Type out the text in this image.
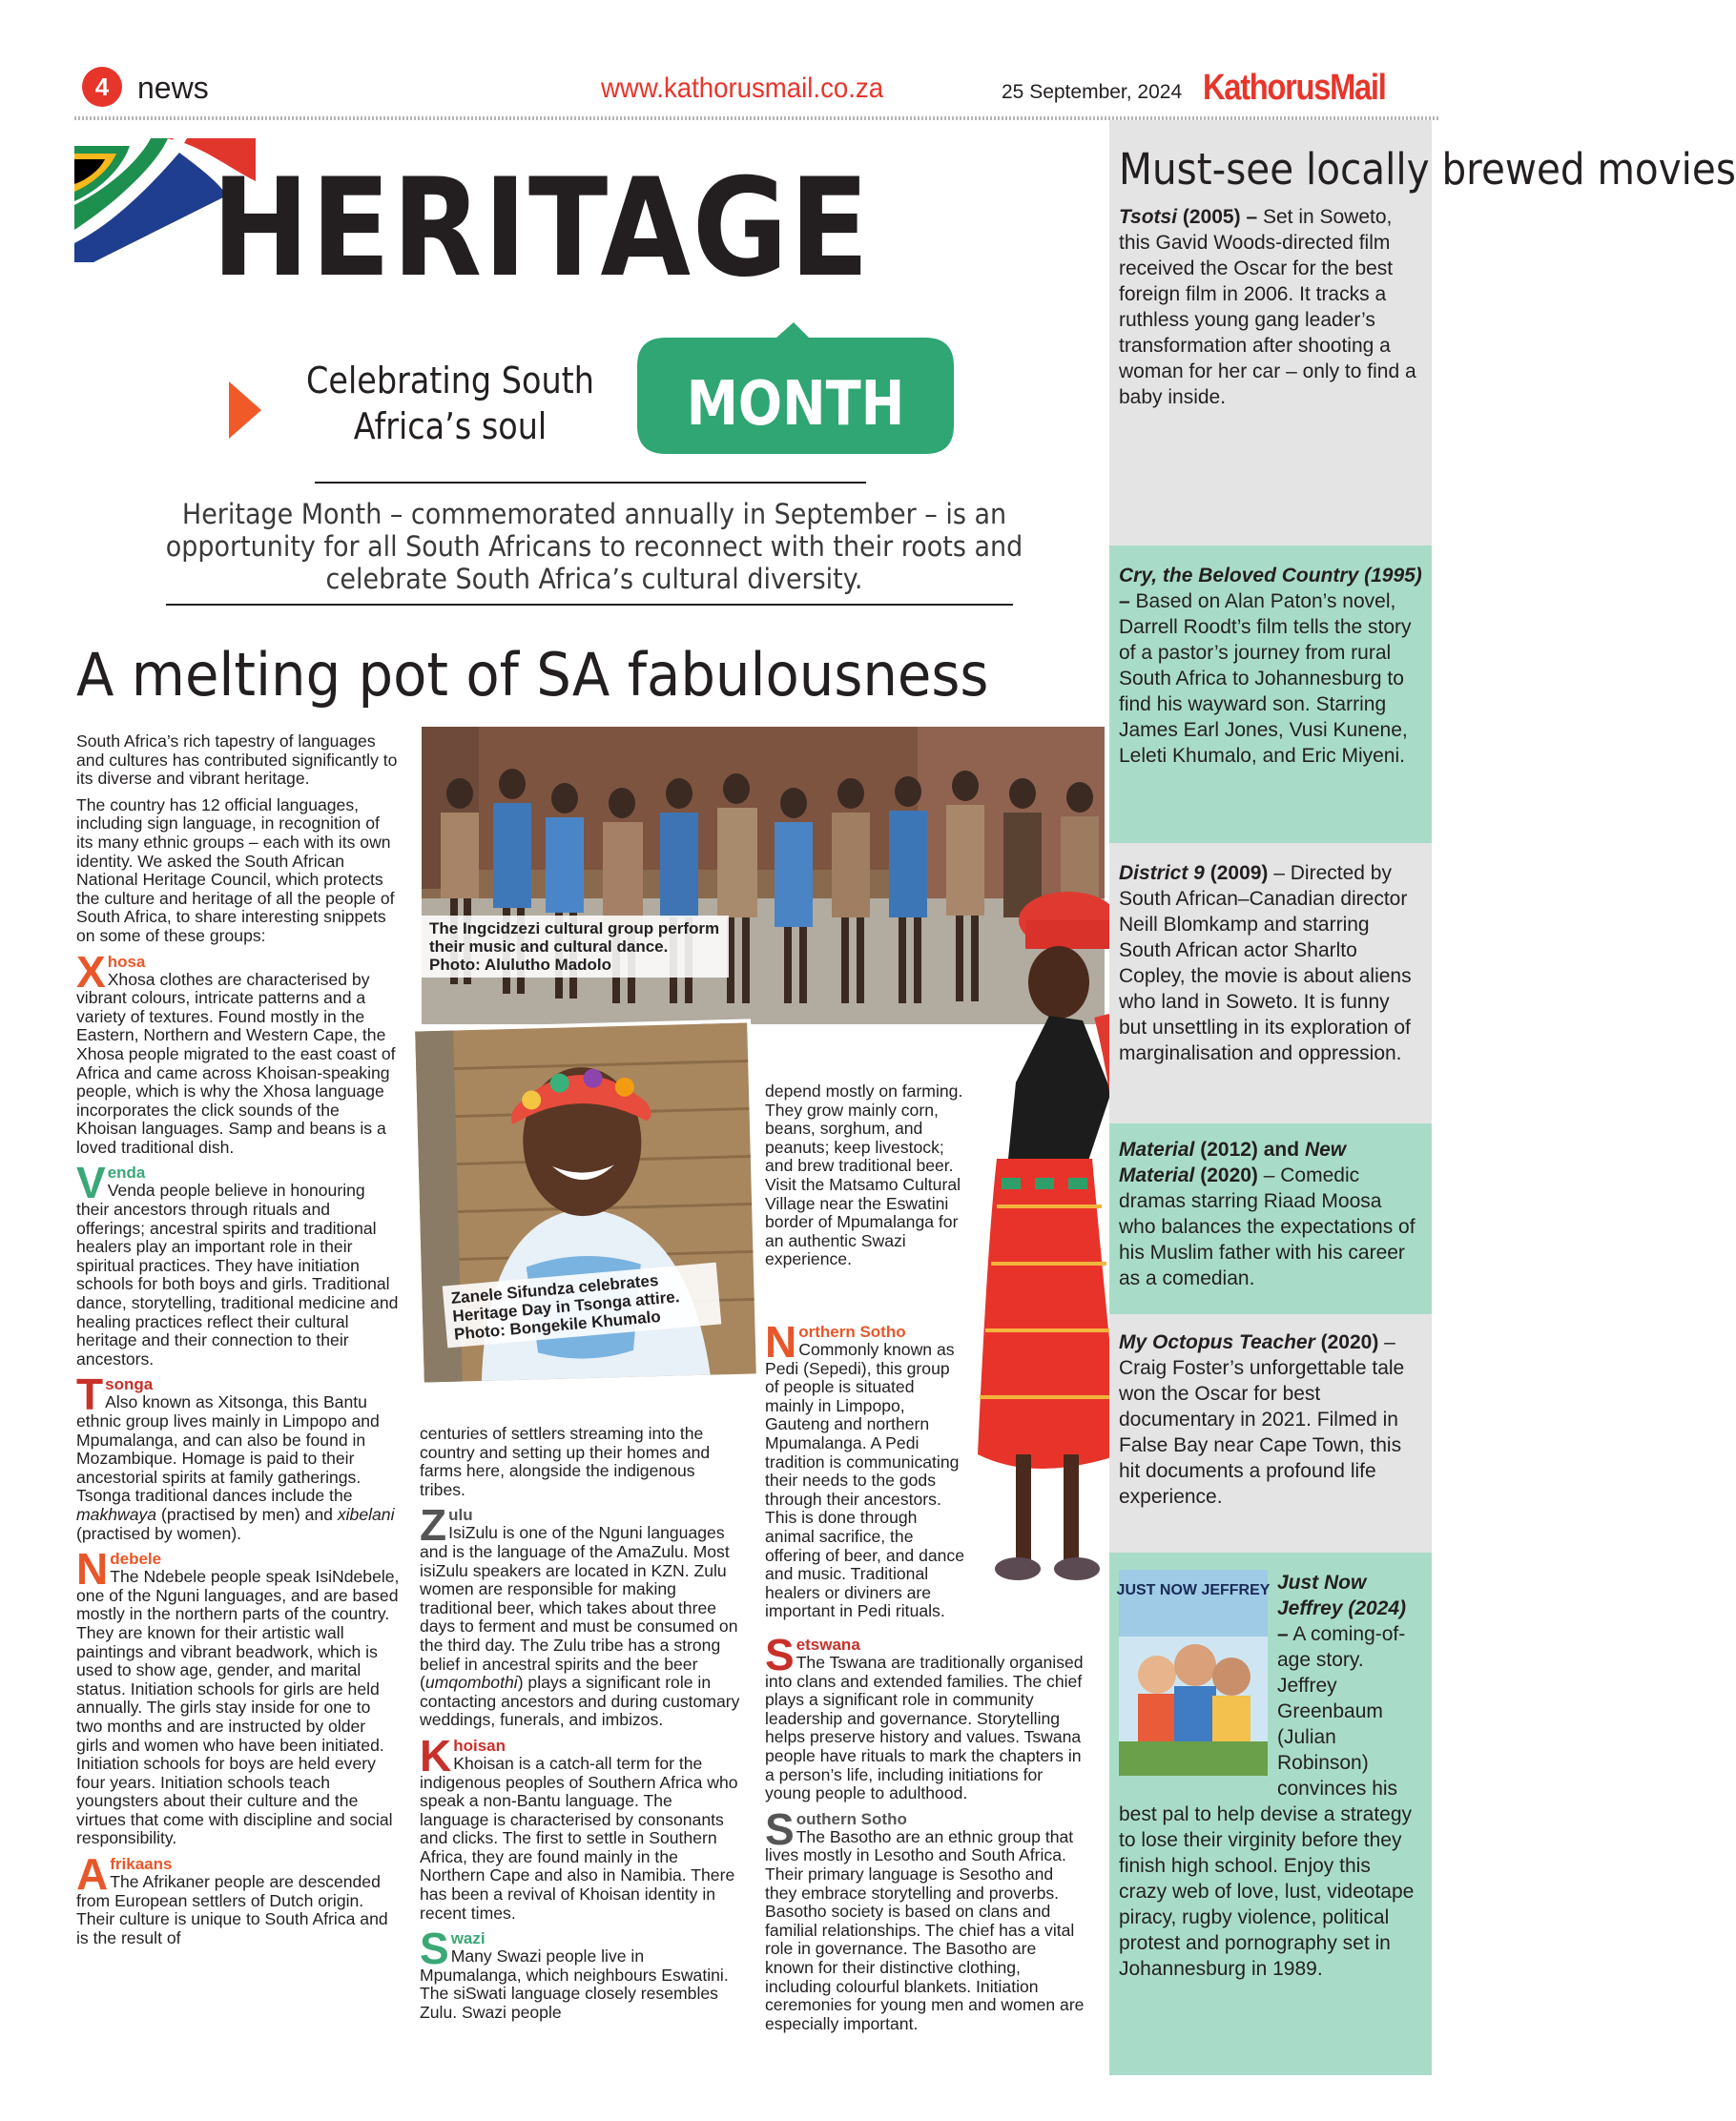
4 news	www.kathorusmail.co.za	25 September, 2024 KathorusMail
HERITAGE
Celebrating South Africa’s soul	MONTH
Heritage Month – commemorated annually in September – is an opportunity for all South Africans to reconnect with their roots and celebrate South Africa’s cultural diversity.
A melting pot of SA fabulousness
The Ingcidzezi cultural group perform their music and cultural dance. Photo: Alulutho Madolo
Zanele Sifundza celebrates Heritage Day in Tsonga attire. Photo: Bongekile Khumalo

South Africa’s rich tapestry of languages and cultures has contributed significantly to its diverse and vibrant heritage.

The country has 12 official languages, including sign language, in recognition of its many ethnic groups – each with its own identity. We asked the South African National Heritage Council, which protects the culture and heritage of all the people of South Africa, to share interesting snippets on some of these groups:

X hosa

Xhosa clothes are characterised by vibrant colours, intricate patterns and a variety of textures. Found mostly in the Eastern, Northern and Western Cape, the Xhosa people migrated to the east coast of Africa and came across Khoisan-speaking people, which is why the Xhosa language incorporates the click sounds of the Khoisan languages. Samp and beans is a loved traditional dish.

V enda

Venda people believe in honouring their ancestors through rituals and offerings; ancestral spirits and traditional healers play an important role in their spiritual practices. They have initiation schools for both boys and girls. Traditional dance, storytelling, traditional medicine and healing practices reflect their cultural heritage and their connection to their ancestors.

T songa

Also known as Xitsonga, this Bantu ethnic group lives mainly in Limpopo and Mpumalanga, and can also be found in Mozambique. Homage is paid to their ancestorial spirits at family gatherings. Tsonga traditional dances include the makhwaya (practised by men) and xibelani (practised by women).

N debele

The Ndebele people speak IsiNdebele, one of the Nguni languages, and are based mostly in the northern parts of the country. They are known for their artistic wall paintings and vibrant beadwork, which is used to show age, gender, and marital status. Initiation schools for girls are held annually. The girls stay inside for one to two months and are instructed by older girls and women who have been initiated. Initiation schools for boys are held every four years. Initiation schools teach youngsters about their culture and the virtues that come with discipline and social responsibility.

A frikaans

The Afrikaner people are descended from European settlers of Dutch origin. Their culture is unique to South Africa and is the result of

centuries of settlers streaming into the country and setting up their homes and farms here, alongside the indigenous tribes.

Z ulu

IsiZulu is one of the Nguni languages and is the language of the AmaZulu. Most isiZulu speakers are located in KZN. Zulu women are responsible for making traditional beer, which takes about three days to ferment and must be consumed on the third day. The Zulu tribe has a strong belief in ancestral spirits and the beer (umqombothi) plays a significant role in contacting ancestors and during customary weddings, funerals, and imbizos.

K hoisan

Khoisan is a catch-all term for the indigenous peoples of Southern Africa who speak a non-Bantu language. The language is characterised by consonants and clicks. The first to settle in Southern Africa, they are found mainly in the Northern Cape and also in Namibia. There has been a revival of Khoisan identity in recent times.

S wazi

Many Swazi people live in Mpumalanga, which neighbours Eswatini. The siSwati language closely resembles Zulu. Swazi people

depend mostly on farming. They grow mainly corn, beans, sorghum, and peanuts; keep livestock; and brew traditional beer. Visit the Matsamo Cultural Village near the Eswatini border of Mpumalanga for an authentic Swazi experience.

N orthern Sotho

Commonly known as Pedi (Sepedi), this group of people is situated mainly in Limpopo, Gauteng and northern Mpumalanga. A Pedi tradition is communicating their needs to the gods through their ancestors. This is done through animal sacrifice, the offering of beer, and dance and music. Traditional healers or diviners are important in Pedi rituals.

S etswana

The Tswana are traditionally organised into clans and extended families. The chief plays a significant role in community leadership and governance. Storytelling helps preserve history and values. Tswana people have rituals to mark the chapters in a person’s life, including initiations for young people to adulthood.

S outhern Sotho

The Basotho are an ethnic group that lives mostly in Lesotho and South Africa. Their primary language is Sesotho and they embrace storytelling and proverbs. Basotho society is based on clans and familial relationships. The chief has a vital role in governance. The Basotho are known for their distinctive clothing, including colourful blankets. Initiation ceremonies for young men and women are especially important.

Must-see locally brewed movies

Tsotsi (2005) – Set in Soweto, this Gavid Woods-directed film received the Oscar for the best foreign film in 2006. It tracks a ruthless young gang leader’s transformation after shooting a woman for her car – only to find a baby inside.

Cry, the Beloved Country (1995) – Based on Alan Paton’s novel, Darrell Roodt’s film tells the story of a pastor’s journey from rural South Africa to Johannesburg to find his wayward son. Starring James Earl Jones, Vusi Kunene, Leleti Khumalo, and Eric Miyeni.

District 9 (2009) – Directed by South African–Canadian director Neill Blomkamp and starring South African actor Sharlto Copley, the movie is about aliens who land in Soweto. It is funny but unsettling in its exploration of marginalisation and oppression.

Material (2012) and New Material (2020) – Comedic dramas starring Riaad Moosa who balances the expectations of his Muslim father with his career as a comedian.

My Octopus Teacher (2020) – Craig Foster’s unforgettable tale won the Oscar for best documentary in 2021. Filmed in False Bay near Cape Town, this hit documents a profound life experience.

JUST NOW JEFFREY Just Now Jeffrey (2024) – A coming-of-age story. Jeffrey Greenbaum (Julian Robinson) convinces his best pal to help devise a strategy to lose their virginity before they finish high school. Enjoy this crazy web of love, lust, videotape piracy, rugby violence, political protest and pornography set in Johannesburg in 1989.
